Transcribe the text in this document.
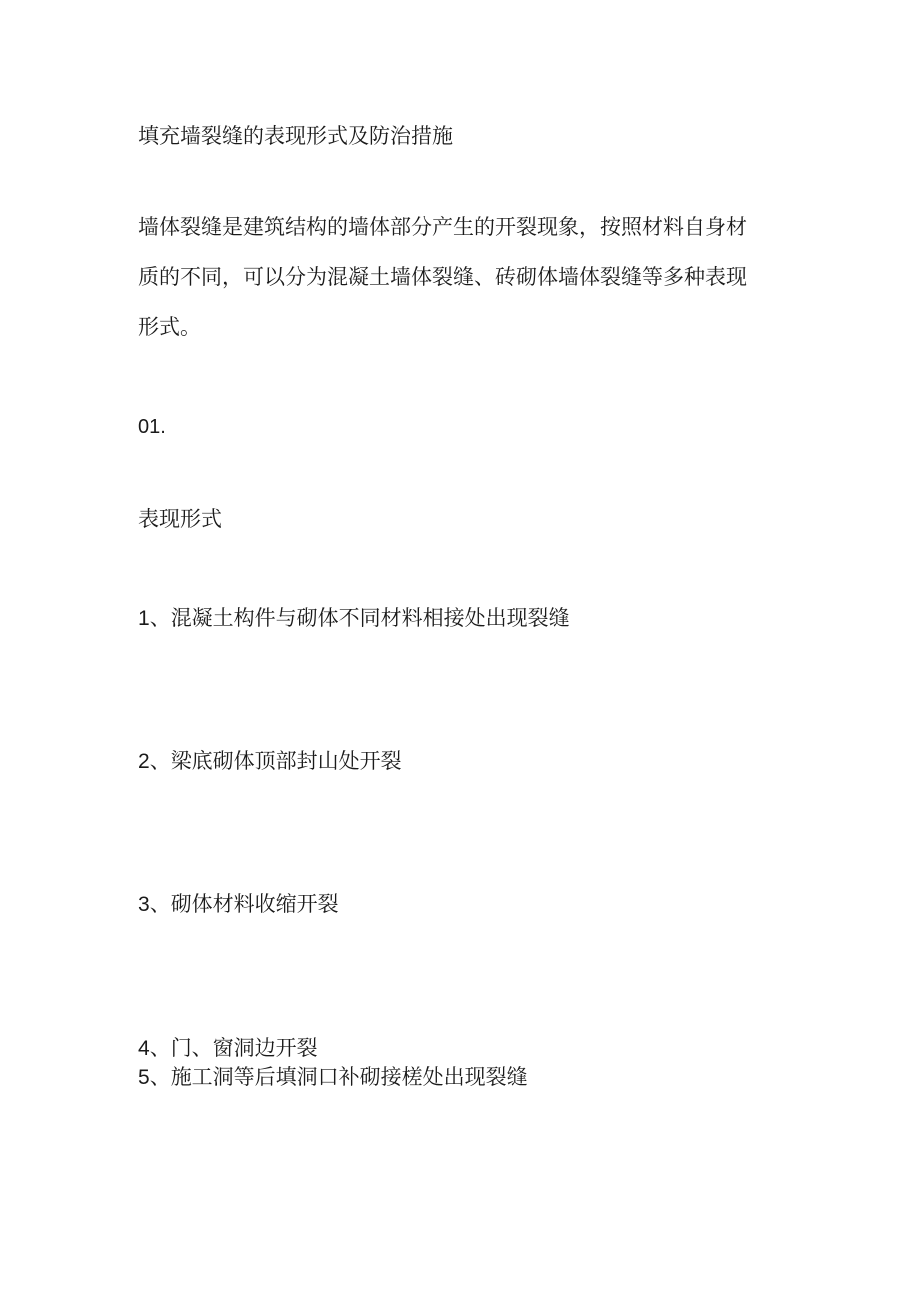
填充墙裂缝的表现形式及防治措施

墙体裂缝是建筑结构的墙体部分产生的开裂现象，按照材料自身材
质的不同，可以分为混凝土墙体裂缝、砖砌体墙体裂缝等多种表现
形式。

01.

表现形式

1、混凝土构件与砌体不同材料相接处出现裂缝

2、梁底砌体顶部封山处开裂

3、砌体材料收缩开裂

4、门、窗洞边开裂

5、施工洞等后填洞口补砌接槎处出现裂缝
